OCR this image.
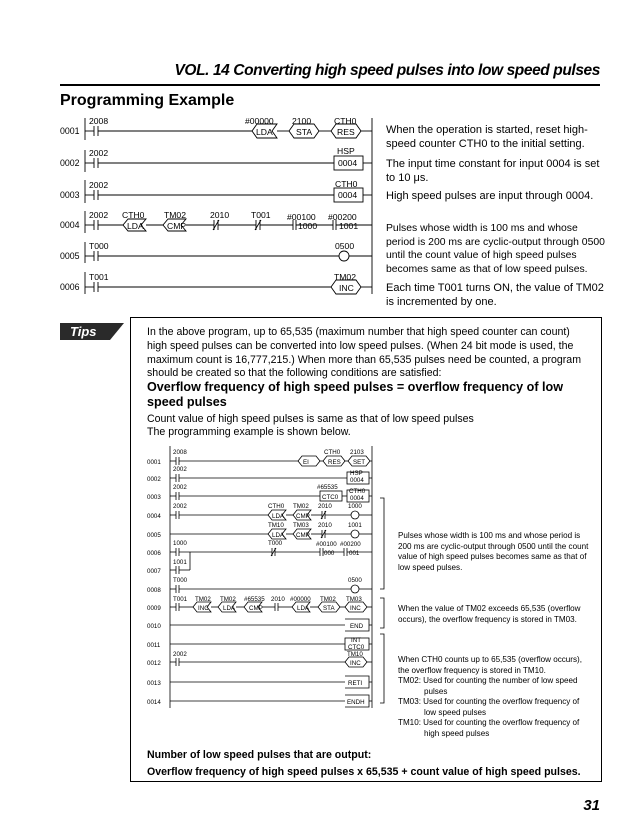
VOL. 14 Converting high speed pulses into low speed pulses
Programming Example
0001
0002
0003
0004
0005
0006
2008	#00000
LDA
2100
STA
CTH0
RES
2002	HSP
0004
2002	CTH0
0004
2002 CTH0
LDA
TM02
CMP
2010	T001 #00100
1000
#00200
1001
T000	0500
T001	TM02
INC
When the operation is started, reset high-speed counter CTH0 to the initial setting.
The input time constant for input 0004 is set to 10 μs.
High speed pulses are input through 0004.
Pulses whose width is 100 ms and whose period is 200 ms are cyclic-output through 0500 until the count value of high speed pulses becomes same as that of low speed pulses.
Each time T001 turns ON, the value of TM02 is incremented by one.
Tips	In the above program, up to 65,535 (maximum number that high speed counter can count) high speed pulses can be converted into low speed pulses. (When 24 bit mode is used, the maximum count is 16,777,215.) When more than 65,535 pulses need be counted, a program should be created so that the following conditions are satisfied:
Overflow frequency of high speed pulses = overflow frequency of low speed pulses
Count value of high speed pulses is same as that of low speed pulses
The programming example is shown below.
0001
0002
0003
0004
0005
0006
0007
0008
0009
0010
0011
0012
0013
0014
2008
EI
CTH0
RES
2103
SET
2002
HSP
0004
2002	#65535
CTC0
CTH0
0004
2002	CTH0
LDA
TM02
CMP
2010	1000
TM10
LDA
TM03
CMP
2010	1001
1000	T000	#00100
000
#00200
001
1001
T000	0500
T001 TM02
INC
TM02
LDA
#65535
CMP
2010 #00000
LDA
TM02
STA
TM03
INC
END
INT
CTC0
2002	TM10
INC
RETI
ENDH
Pulses whose width is 100 ms and whose period is 200 ms are cyclic-output through 0500 until the count value of high speed pulses becomes same as that of low speed pulses.
When the value of TM02 exceeds 65,535 (overflow occurs), the overflow frequency is stored in TM03.
When CTH0 counts up to 65,535 (overflow occurs), the overflow frequency is stored in TM10.
TM02: Used for counting the number of low speed pulses
TM03: Used for counting the overflow frequency of low speed pulses
TM10: Used for counting the overflow frequency of high speed pulses
Number of low speed pulses that are output:
Overflow frequency of high speed pulses x 65,535 + count value of high speed pulses.
31
